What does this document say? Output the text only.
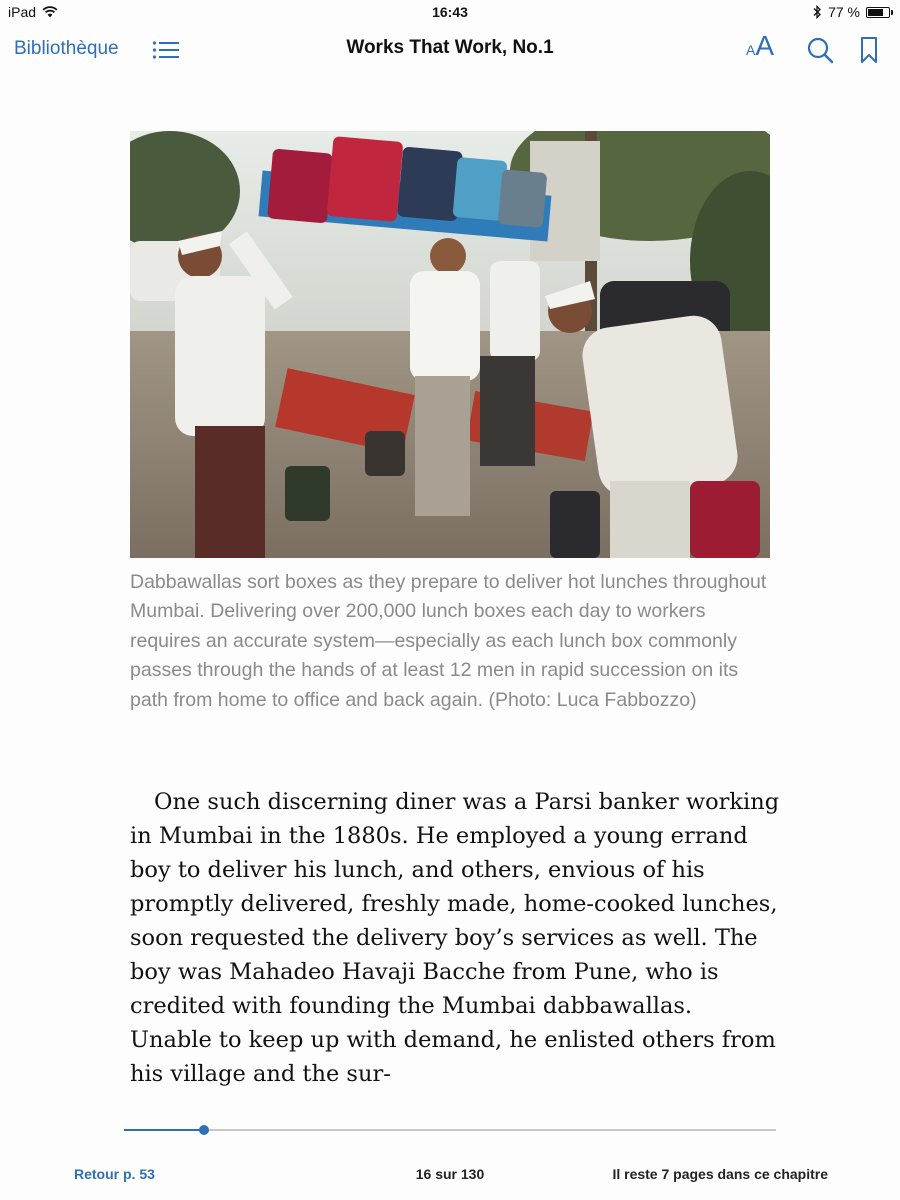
iPad	16:43	77 %
Bibliothèque	Works That Work, No.1	AA
Dabbawallas sort boxes as they prepare to deliver hot lunches throughout Mumbai. Delivering over 200,000 lunch boxes each day to workers requires an accurate system—especially as each lunch box commonly passes through the hands of at least 12 men in rapid succession on its path from home to office and back again. (Photo: Luca Fabbozzo)

One such discerning diner was a Parsi banker working in Mumbai in the 1880s. He employed a young errand boy to deliver his lunch, and others, envious of his promptly delivered, freshly made, home-cooked lunches, soon requested the delivery boy’s services as well. The boy was Mahadeo Havaji Bacche from Pune, who is credited with founding the Mumbai dabbawallas. Unable to keep up with demand, he enlisted others from his village and the sur-

Retour p. 53	16 sur 130	Il reste 7 pages dans ce chapitre
